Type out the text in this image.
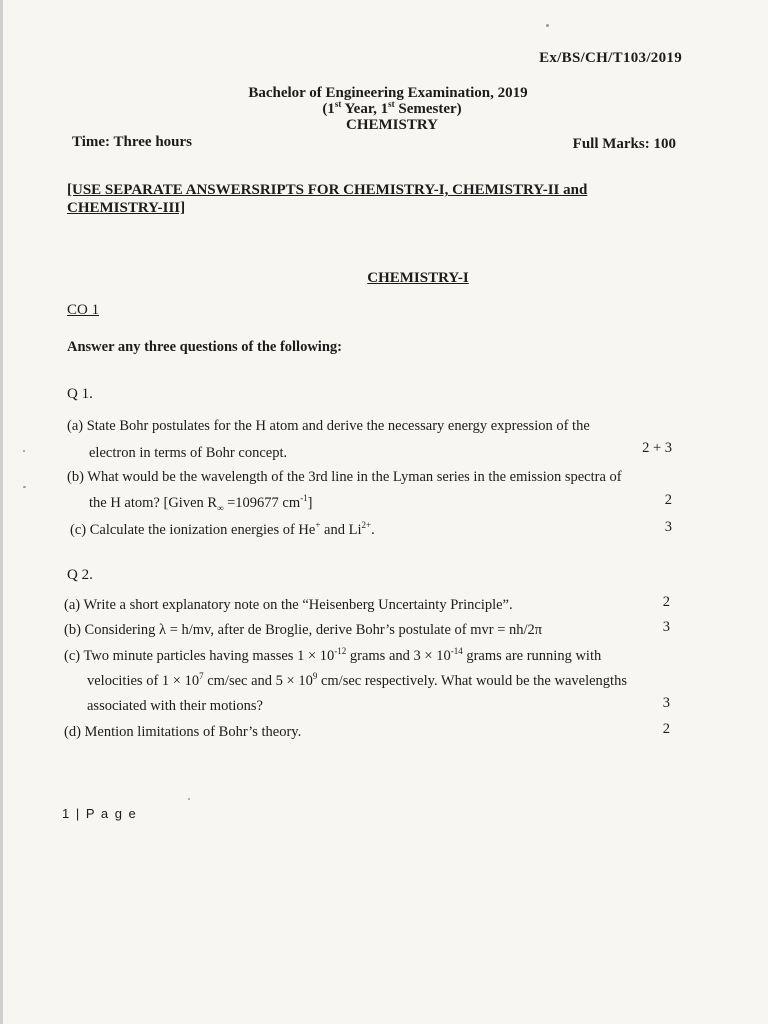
Ex/BS/CH/T103/2019
Bachelor of Engineering Examination, 2019
(1st Year, 1st Semester)
CHEMISTRY
Time: Three hours	Full Marks: 100
[USE SEPARATE ANSWERSRIPTS FOR CHEMISTRY-I, CHEMISTRY-II and
CHEMISTRY-III]
CHEMISTRY-I
CO 1
Answer any three questions of the following:
Q 1.
(a) State Bohr postulates for the H atom and derive the necessary energy expression of the
electron in terms of Bohr concept.	2 + 3
(b) What would be the wavelength of the 3rd line in the Lyman series in the emission spectra of
the H atom? [Given $R_\infty =109677$ $cm^{-1}$]	2
(c) Calculate the ionization energies of He+ and $Li^{2+}$.	3
Q 2.
(a) Write a short explanatory note on the “Heisenberg Uncertainty Principle”.	2
(b) Considering λ = h/mv, after de Broglie, derive Bohr’s postulate of mvr = nh/2π	3
(c) Two minute particles having masses $1 \times 10^{-12}$ grams and $3 \times 10^{-14}$ grams are running with
velocities of $1 \times 10^7$ cm/sec and $5 \times 10^9$ cm/sec respectively. What would be the wavelengths
associated with their motions?	3
(d) Mention limitations of Bohr’s theory.	2
1 | P a g e
